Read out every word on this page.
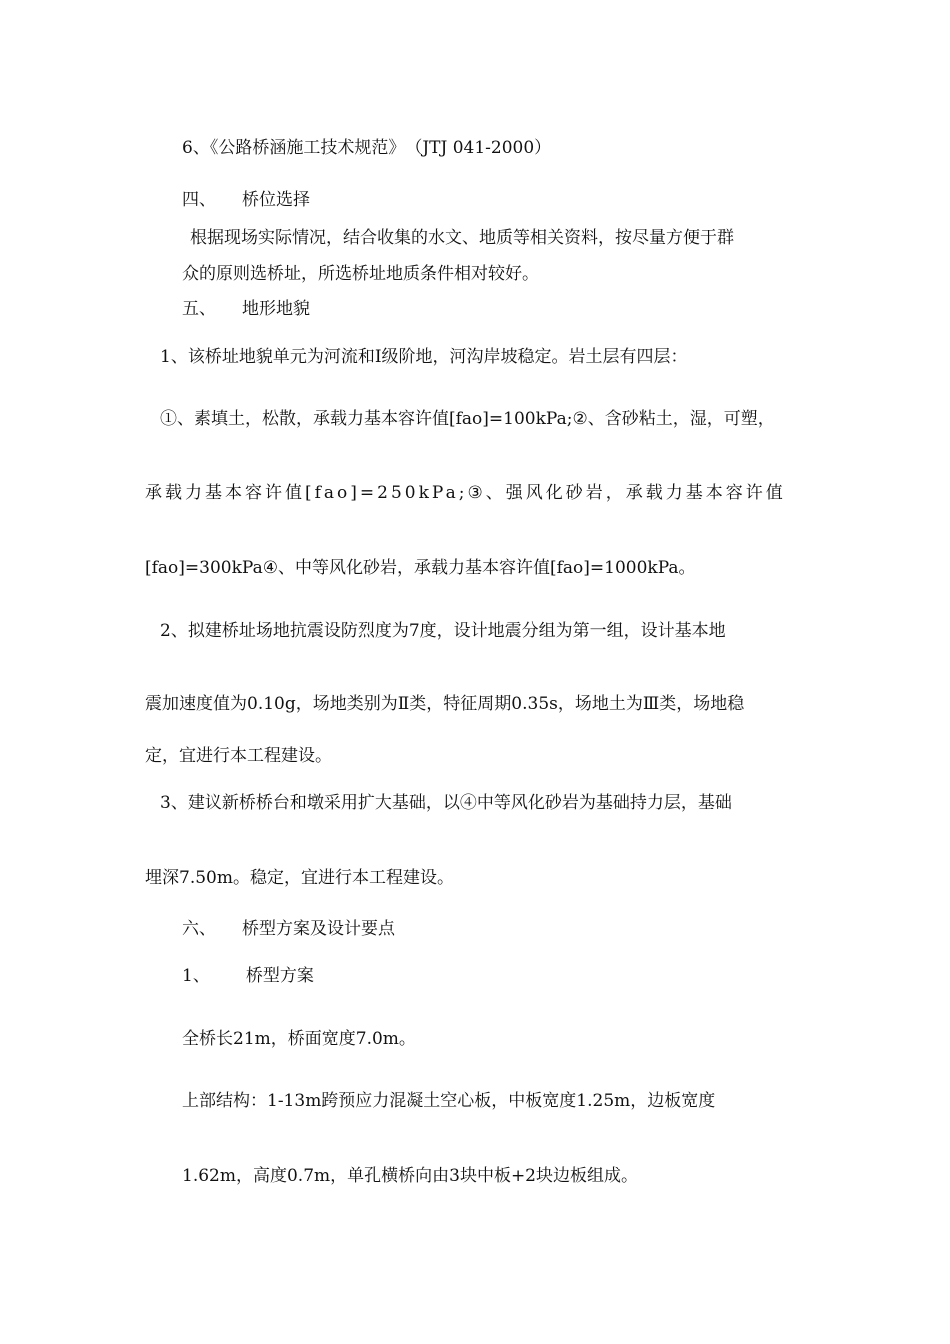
6、《公路桥涵施工技术规范》　（JTJ 041-2000）
四、 桥位选择
根据现场实际情况，结合收集的水文、地质等相关资料，按尽量方便于群
众的原则选桥址，所选桥址地质条件相对较好。
五、 地形地貌
1、该桥址地貌单元为河流和Ⅰ级阶地，河沟岸坡稳定。岩土层有四层：
①、素填土，松散，承载力基本容许值[fao]=100kPa;②、含砂粘土，湿，可塑，
承载力基本容许值[fao]=250kPa;③、强风化砂岩，承载力基本容许值
[fao]=300kPa④、中等风化砂岩，承载力基本容许值[fao]=1000kPa。
2、拟建桥址场地抗震设防烈度为7度，设计地震分组为第一组，设计基本地
震加速度值为0.10g，场地类别为Ⅱ类，特征周期0.35s，场地土为Ⅲ类，场地稳
定，宜进行本工程建设。
3、建议新桥桥台和墩采用扩大基础，以④中等风化砂岩为基础持力层，基础
埋深7.50m。稳定，宜进行本工程建设。
六、 桥型方案及设计要点
1、 桥型方案
全桥长21m，桥面宽度7.0m。
上部结构：1-13m跨预应力混凝土空心板，中板宽度1.25m，边板宽度
1.62m，高度0.7m，单孔横桥向由3块中板+2块边板组成。
